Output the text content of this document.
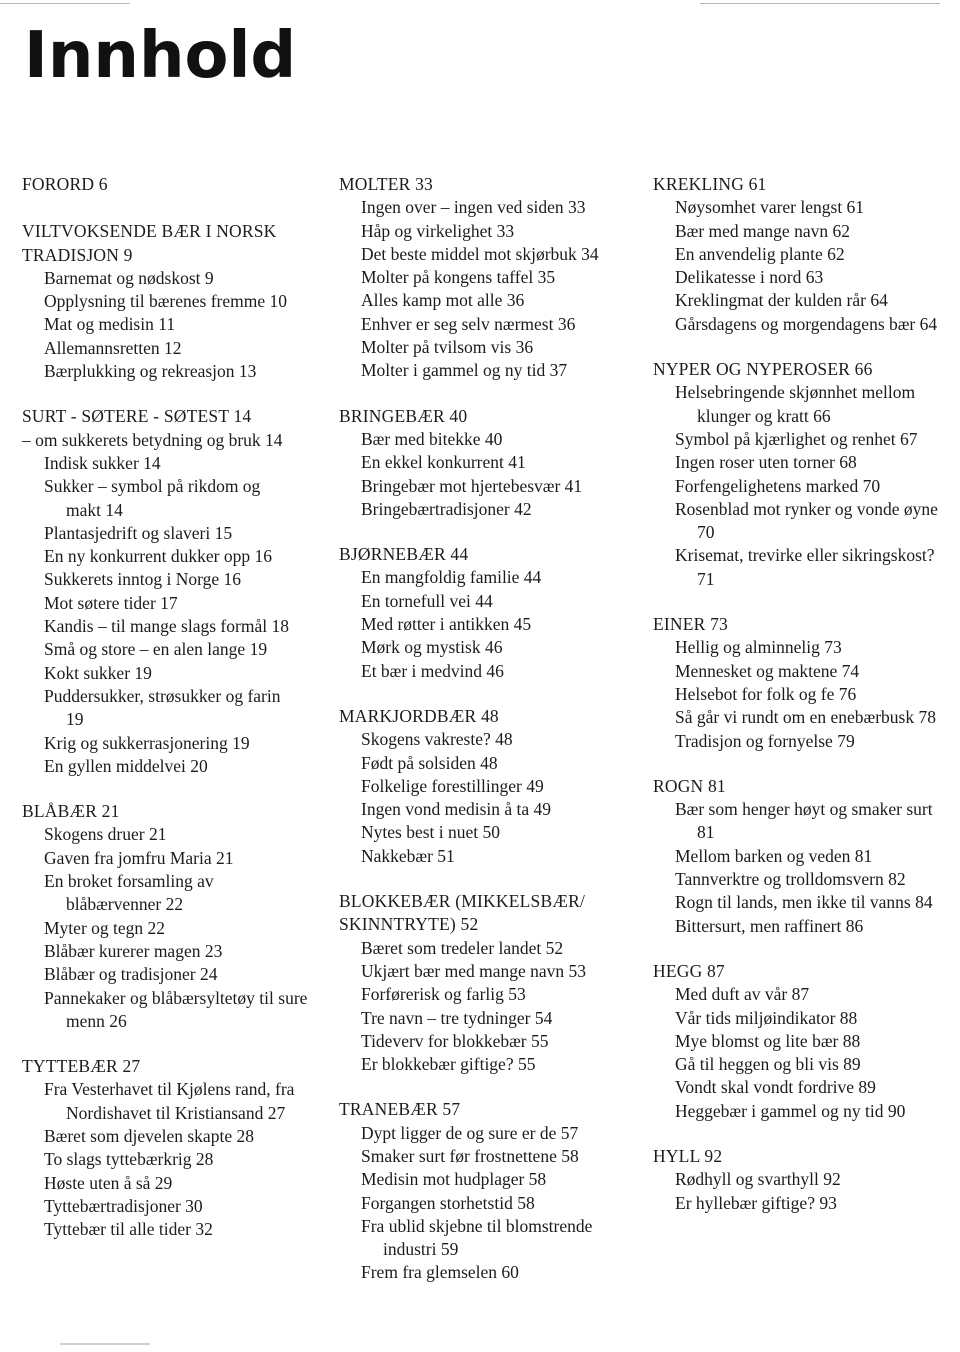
Innhold
FORORD 6
VILTVOKSENDE BÆR I NORSK
TRADISJON 9
Barnemat og nødskost 9
Opplysning til bærenes fremme 10
Mat og medisin 11
Allemannsretten 12
Bærplukking og rekreasjon 13
SURT - SØTERE - SØTEST 14
– om sukkerets betydning og bruk 14
Indisk sukker 14
Sukker – symbol på rikdom og makt 14
Plantasjedrift og slaveri 15
En ny konkurrent dukker opp 16
Sukkerets inntog i Norge 16
Mot søtere tider 17
Kandis – til mange slags formål 18
Små og store – en alen lange 19
Kokt sukker 19
Puddersukker, strøsukker og farin 19
Krig og sukkerrasjonering 19
En gyllen middelvei 20
BLÅBÆR 21
Skogens druer 21
Gaven fra jomfru Maria 21
En broket forsamling av blåbærvenner 22
Myter og tegn 22
Blåbær kurerer magen 23
Blåbær og tradisjoner 24
Pannekaker og blåbærsyltetøy til sure menn 26
TYTTEBÆR 27
Fra Vesterhavet til Kjølens rand, fra Nordishavet til Kristiansand 27
Bæret som djevelen skapte 28
To slags tyttebærkrig 28
Høste uten å så 29
Tyttebærtradisjoner 30
Tyttebær til alle tider 32
MOLTER 33
Ingen over – ingen ved siden 33
Håp og virkelighet 33
Det beste middel mot skjørbuk 34
Molter på kongens taffel 35
Alles kamp mot alle 36
Enhver er seg selv nærmest 36
Molter på tvilsom vis 36
Molter i gammel og ny tid 37
BRINGEBÆR 40
Bær med bitekke 40
En ekkel konkurrent 41
Bringebær mot hjertebesvær 41
Bringebærtradisjoner 42
BJØRNEBÆR 44
En mangfoldig familie 44
En tornefull vei 44
Med røtter i antikken 45
Mørk og mystisk 46
Et bær i medvind 46
MARKJORDBÆR 48
Skogens vakreste? 48
Født på solsiden 48
Folkelige forestillinger 49
Ingen vond medisin å ta 49
Nytes best i nuet 50
Nakkebær 51
BLOKKEBÆR (MIKKELSBÆR/
SKINNTRYTE) 52
Bæret som tredeler landet 52
Ukjært bær med mange navn 53
Forførerisk og farlig 53
Tre navn – tre tydninger 54
Tideverv for blokkebær 55
Er blokkebær giftige? 55
TRANEBÆR 57
Dypt ligger de og sure er de 57
Smaker surt før frostnettene 58
Medisin mot hudplager 58
Forgangen storhetstid 58
Fra ublid skjebne til blomstrende industri 59
Frem fra glemselen 60
KREKLING 61
Nøysomhet varer lengst 61
Bær med mange navn 62
En anvendelig plante 62
Delikatesse i nord 63
Kreklingmat der kulden rår 64
Gårsdagens og morgendagens bær 64
NYPER OG NYPEROSER 66
Helsebringende skjønnhet mellom klunger og kratt 66
Symbol på kjærlighet og renhet 67
Ingen roser uten torner 68
Forfengelighetens marked 70
Rosenblad mot rynker og vonde øyne 70
Krisemat, trevirke eller sikringskost? 71
EINER 73
Hellig og alminnelig 73
Mennesket og maktene 74
Helsebot for folk og fe 76
Så går vi rundt om en enebærbusk 78
Tradisjon og fornyelse 79
ROGN 81
Bær som henger høyt og smaker surt 81
Mellom barken og veden 81
Tannverktre og trolldomsvern 82
Rogn til lands, men ikke til vanns 84
Bittersurt, men raffinert 86
HEGG 87
Med duft av vår 87
Vår tids miljøindikator 88
Mye blomst og lite bær 88
Gå til heggen og bli vis 89
Vondt skal vondt fordrive 89
Heggebær i gammel og ny tid 90
HYLL 92
Rødhyll og svarthyll 92
Er hyllebær giftige? 93
